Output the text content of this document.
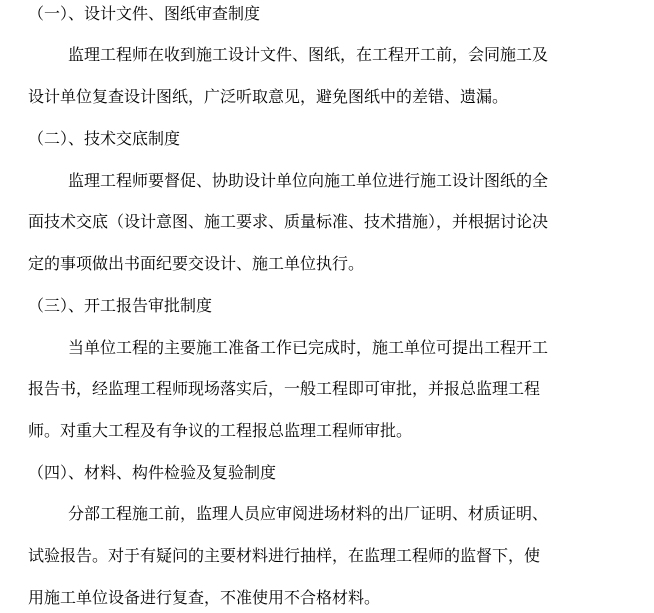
（一）、设计文件、图纸审查制度
监理工程师在收到施工设计文件、图纸，在工程开工前，会同施工及
设计单位复查设计图纸，广泛听取意见，避免图纸中的差错、遗漏。
（二）、技术交底制度
监理工程师要督促、协助设计单位向施工单位进行施工设计图纸的全
面技术交底（设计意图、施工要求、质量标准、技术措施），并根据讨论决
定的事项做出书面纪要交设计、施工单位执行。
（三）、开工报告审批制度
当单位工程的主要施工准备工作已完成时，施工单位可提出工程开工
报告书，经监理工程师现场落实后，一般工程即可审批，并报总监理工程
师。对重大工程及有争议的工程报总监理工程师审批。
（四）、材料、构件检验及复验制度
分部工程施工前，监理人员应审阅进场材料的出厂证明、材质证明、
试验报告。对于有疑问的主要材料进行抽样，在监理工程师的监督下，使
用施工单位设备进行复查，不准使用不合格材料。
